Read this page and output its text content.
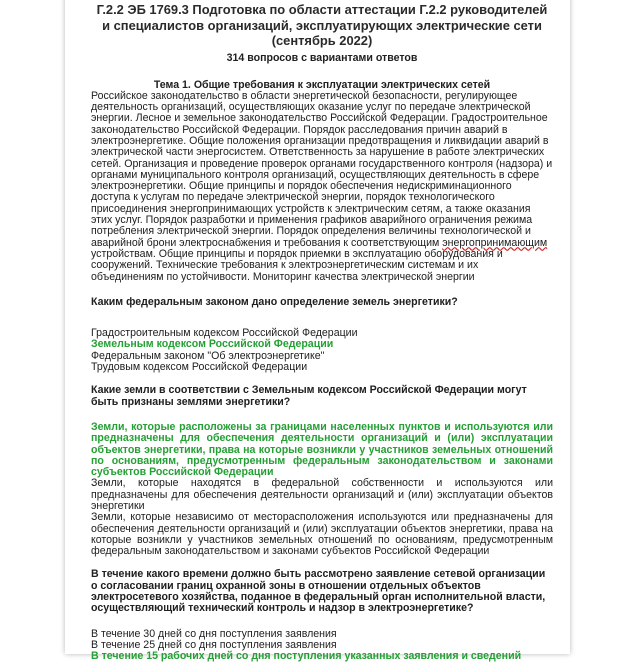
Г.2.2 ЭБ 1769.3 Подготовка по области аттестации Г.2.2 руководителей и специалистов организаций, эксплуатирующих электрические сети (сентябрь 2022)
314 вопросов с вариантами ответов
Тема 1. Общие требования к эксплуатации электрических сетей

Российское законодательство в области энергетической безопасности, регулирующее деятельность организаций, осуществляющих оказание услуг по передаче электрической энергии. Лесное и земельное законодательство Российской Федерации. Градостроительное законодательство Российской Федерации. Порядок расследования причин аварий в электроэнергетике. Общие положения организации предотвращения и ликвидации аварий в электрической части энергосистем. Ответственность за нарушение в работе электрических сетей. Организация и проведение проверок органами государственного контроля (надзора) и органами муниципального контроля организаций, осуществляющих деятельность в сфере электроэнергетики. Общие принципы и порядок обеспечения недискриминационного доступа к услугам по передаче электрической энергии, порядок технологического присоединения энергопринимающих устройств к электрическим сетям, а также оказания этих услуг. Порядок разработки и применения графиков аварийного ограничения режима потребления электрической энергии. Порядок определения величины технологической и аварийной брони электроснабжения и требования к соответствующим энергопринимающим устройствам. Общие принципы и порядок приемки в эксплуатацию оборудования и сооружений. Технические требования к электроэнергетическим системам и их объединениям по устойчивости. Мониторинг качества электрической энергии

Каким федеральным законом дано определение земель энергетики?

Градостроительным кодексом Российской Федерации

Земельным кодексом Российской Федерации

Федеральным законом "Об электроэнергетике"

Трудовым кодексом Российской Федерации

Какие земли в соответствии с Земельным кодексом Российской Федерации могут быть признаны землями энергетики?

Земли, которые расположены за границами населенных пунктов и используются или предназначены для обеспечения деятельности организаций и (или) эксплуатации объектов энергетики, права на которые возникли у участников земельных отношений по основаниям, предусмотренным федеральным законодательством и законами субъектов Российской Федерации

Земли, которые находятся в федеральной собственности и используются или предназначены для обеспечения деятельности организаций и (или) эксплуатации объектов энергетики

Земли, которые независимо от месторасположения используются или предназначены для обеспечения деятельности организаций и (или) эксплуатации объектов энергетики, права на которые возникли у участников земельных отношений по основаниям, предусмотренным федеральным законодательством и законами субъектов Российской Федерации

В течение какого времени должно быть рассмотрено заявление сетевой организации о согласовании границ охранной зоны в отношении отдельных объектов электросетевого хозяйства, поданное в федеральный орган исполнительной власти, осуществляющий технический контроль и надзор в электроэнергетике?

В течение 30 дней со дня поступления заявления

В течение 25 дней со дня поступления заявления

В течение 15 рабочих дней со дня поступления указанных заявления и сведений
